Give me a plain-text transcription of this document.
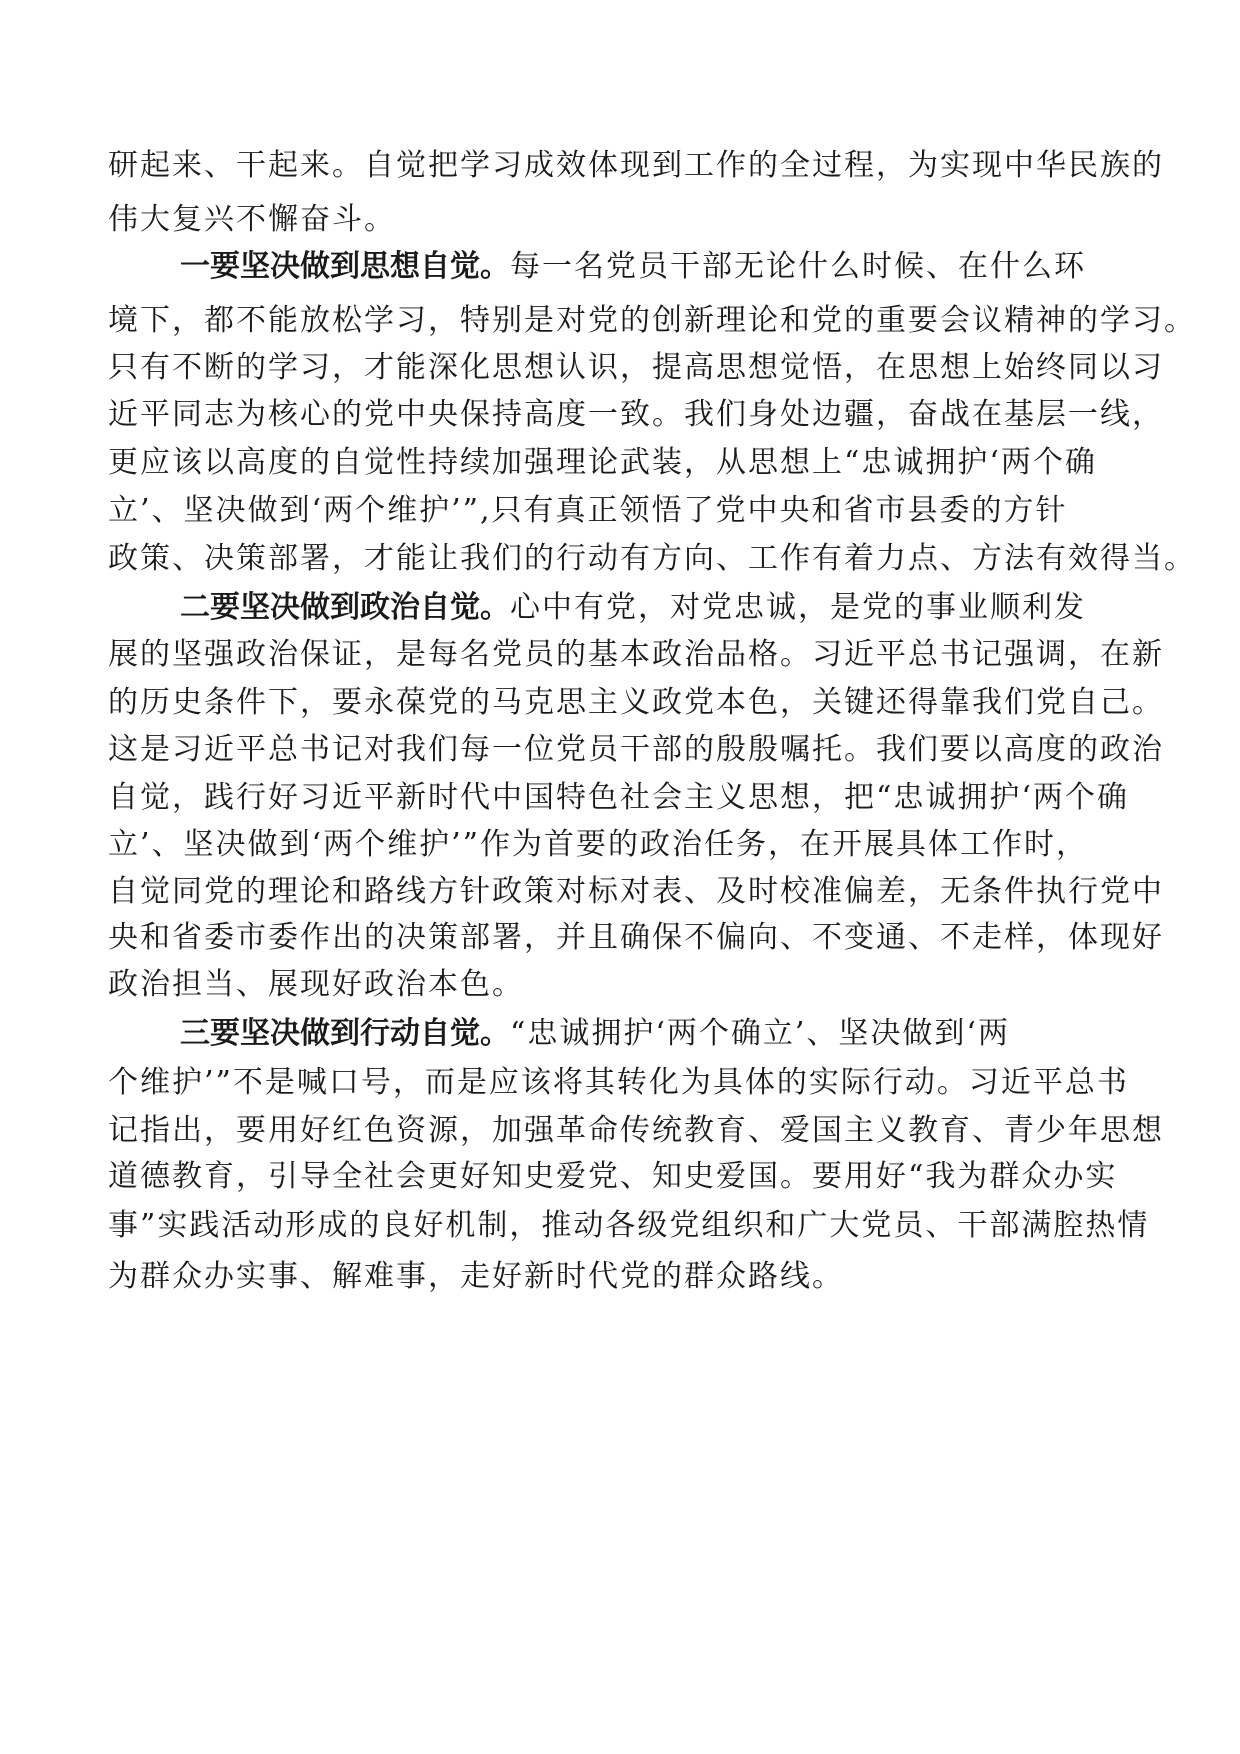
研起来、干起来。自觉把学习成效体现到工作的全过程，为实现中华民族的
伟大复兴不懈奋斗。
一要坚决做到思想自觉。每一名党员干部无论什么时候、在什么环
境下，都不能放松学习，特别是对党的创新理论和党的重要会议精神的学习。
只有不断的学习，才能深化思想认识，提高思想觉悟，在思想上始终同以习
近平同志为核心的党中央保持高度一致。我们身处边疆，奋战在基层一线，
更应该以高度的自觉性持续加强理论武装，从思想上“忠诚拥护‘两个确
立’、坚决做到‘两个维护’”,只有真正领悟了党中央和省市县委的方针
政策、决策部署，才能让我们的行动有方向、工作有着力点、方法有效得当。
二要坚决做到政治自觉。心中有党，对党忠诚，是党的事业顺利发
展的坚强政治保证，是每名党员的基本政治品格。习近平总书记强调，在新
的历史条件下，要永葆党的马克思主义政党本色，关键还得靠我们党自己。
这是习近平总书记对我们每一位党员干部的殷殷嘱托。我们要以高度的政治
自觉，践行好习近平新时代中国特色社会主义思想，把“忠诚拥护‘两个确
立’、坚决做到‘两个维护’”作为首要的政治任务，在开展具体工作时，
自觉同党的理论和路线方针政策对标对表、及时校准偏差，无条件执行党中
央和省委市委作出的决策部署，并且确保不偏向、不变通、不走样，体现好
政治担当、展现好政治本色。
三要坚决做到行动自觉。“忠诚拥护‘两个确立’、坚决做到‘两
个维护’”不是喊口号，而是应该将其转化为具体的实际行动。习近平总书
记指出，要用好红色资源，加强革命传统教育、爱国主义教育、青少年思想
道德教育，引导全社会更好知史爱党、知史爱国。要用好“我为群众办实
事”实践活动形成的良好机制，推动各级党组织和广大党员、干部满腔热情
为群众办实事、解难事，走好新时代党的群众路线。
